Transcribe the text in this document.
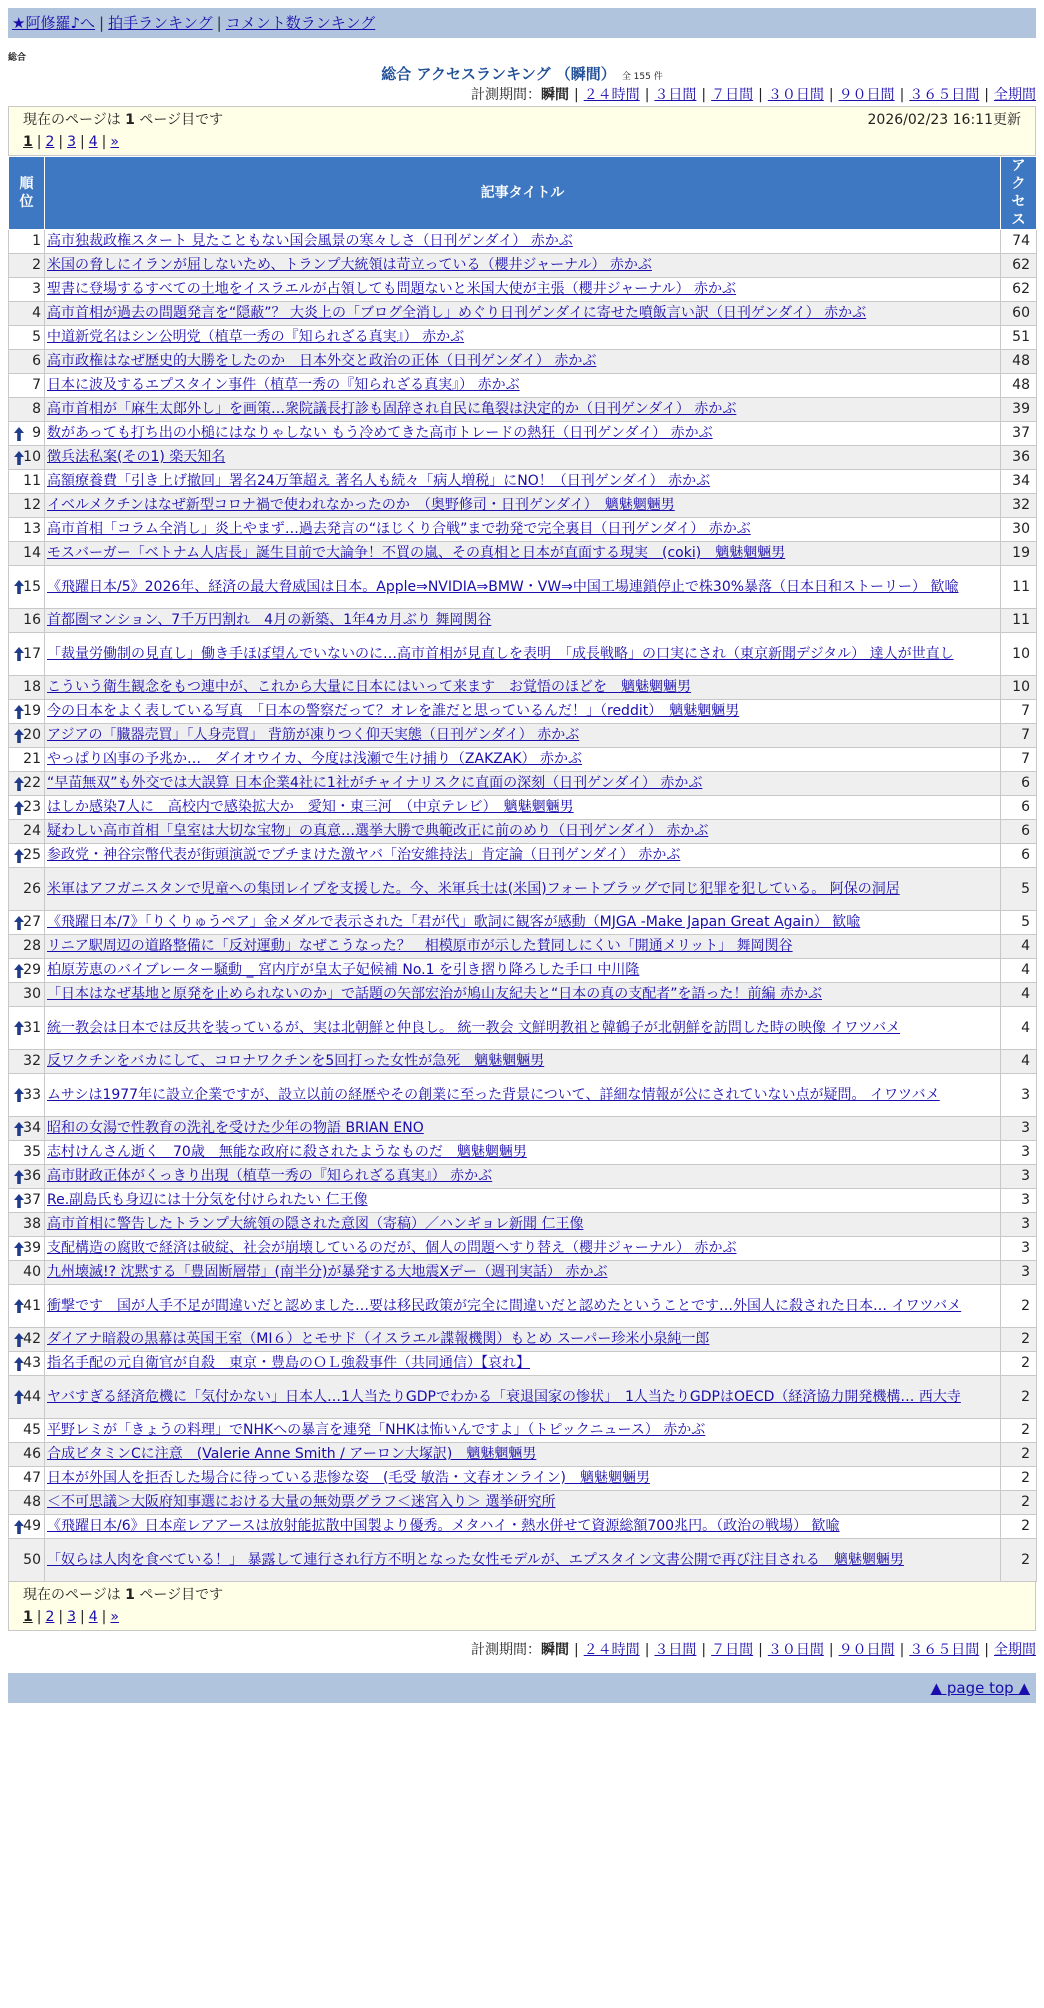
★阿修羅♪へ | 拍手ランキング | コメント数ランキング
総合
総合 アクセスランキング （瞬間） 全 155 件
計測期間：瞬間 | ２４時間 | ３日間 | ７日間 | ３０日間 | ９０日間 | ３６５日間 | 全期間
現在のページは 1 ページ目です	2026/02/23 16:11更新
1 | 2 | 3 | 4 | »
順位	記事タイトル	アクセス
1	高市独裁政権スタート 見たこともない国会風景の寒々しさ（日刊ゲンダイ） 赤かぶ	74
2	米国の脅しにイランが屈しないため、トランプ大統領は苛立っている（櫻井ジャーナル） 赤かぶ	62
3	聖書に登場するすべての土地をイスラエルが占領しても問題ないと米国大使が主張（櫻井ジャーナル） 赤かぶ	62
4	高市首相が過去の問題発言を“隠蔽”？ 大炎上の「ブログ全消し」めぐり日刊ゲンダイに寄せた噴飯言い訳（日刊ゲンダイ） 赤かぶ	60
5	中道新党名はシン公明党（植草一秀の『知られざる真実』） 赤かぶ	51
6	高市政権はなぜ歴史的大勝をしたのか　日本外交と政治の正体（日刊ゲンダイ） 赤かぶ	48
7	日本に波及するエプスタイン事件（植草一秀の『知られざる真実』） 赤かぶ	48
8	高市首相が「麻生太郎外し」を画策…衆院議長打診も固辞され自民に亀裂は決定的か（日刊ゲンダイ） 赤かぶ	39

9	数があっても打ち出の小槌にはなりゃしない もう冷めてきた高市トレードの熱狂（日刊ゲンダイ） 赤かぶ	37

10	徴兵法私案(その1) 楽天知名	36
11	高額療養費「引き上げ撤回」署名24万筆超え 著名人も続々「病人増税」にNO！（日刊ゲンダイ） 赤かぶ	34
12	イベルメクチンはなぜ新型コロナ禍で使われなかったのか　（奥野修司・日刊ゲンダイ）　魑魅魍魎男	32
13	高市首相「コラム全消し」炎上やまず…過去発言の“ほじくり合戦”まで勃発で完全裏目（日刊ゲンダイ） 赤かぶ	30
14	モスバーガー「ベトナム人店長」誕生目前で大論争！不買の嵐、その真相と日本が直面する現実　(coki)　魑魅魍魎男	19

15	《飛躍日本/5》2026年、経済の最大脅威国は日本。Apple⇒NVIDIA⇒BMW・VW⇒中国工場連鎖停止で株30%暴落（日本日和ストーリー） 歓喩	11
16	首都圏マンション、7千万円割れ　4月の新築、1年4カ月ぶり 舞岡関谷	11

17	「裁量労働制の見直し」働き手ほぼ望んでいないのに…高市首相が見直しを表明　「成長戦略」の口実にされ（東京新聞デジタル） 達人が世直し	10
18	こういう衛生観念をもつ連中が、これから大量に日本にはいって来ます　お覚悟のほどを　魑魅魍魎男	10

19	今の日本をよく表している写真　「日本の警察だって？オレを誰だと思っているんだ！」（reddit）　魑魅魍魎男	7

20	アジアの「臓器売買」「人身売買」 背筋が凍りつく仰天実態（日刊ゲンダイ） 赤かぶ	7
21	やっぱり凶事の予兆か…　ダイオウイカ、今度は浅瀬で生け捕り（ZAKZAK） 赤かぶ	7

22	“早苗無双”も外交では大誤算 日本企業4社に1社がチャイナリスクに直面の深刻（日刊ゲンダイ） 赤かぶ	6

23	はしか感染7人に　高校内で感染拡大か　愛知・東三河　（中京テレビ）　魑魅魍魎男	6
24	疑わしい高市首相「皇室は大切な宝物」の真意…選挙大勝で典範改正に前のめり（日刊ゲンダイ） 赤かぶ	6

25	参政党・神谷宗幣代表が街頭演説でブチまけた激ヤバ「治安維持法」肯定論（日刊ゲンダイ） 赤かぶ	6
26	米軍はアフガニスタンで児童への集団レイプを支援した。今、米軍兵士は(米国)フォートブラッグで同じ犯罪を犯している。 阿保の洞居	5

27	《飛躍日本/7》「りくりゅうペア」金メダルで表示された「君が代」歌詞に観客が感動（MJGA -Make Japan Great Again） 歓喩	5
28	リニア駅周辺の道路整備に「反対運動」なぜこうなった？　相模原市が示した賛同しにくい「開通メリット」 舞岡関谷	4

29	柏原芳恵のバイブレーター騒動 _ 宮内庁が皇太子妃候補 No.1 を引き摺り降ろした手口 中川隆	4
30	「日本はなぜ基地と原発を止められないのか」で話題の矢部宏治が鳩山友紀夫と“日本の真の支配者”を語った！前編 赤かぶ	4

31	統一教会は日本では反共を装っているが、実は北朝鮮と仲良し。 統一教会 文鮮明教祖と韓鶴子が北朝鮮を訪問した時の映像 イワツバメ	4
32	反ワクチンをバカにして、コロナワクチンを5回打った女性が急死　魑魅魍魎男	4

33	ムサシは1977年に設立企業ですが、設立以前の経歴やその創業に至った背景について、詳細な情報が公にされていない点が疑問。 イワツバメ	3

34	昭和の女湯で性教育の洗礼を受けた少年の物語 BRIAN ENO	3
35	志村けんさん逝く　70歳　無能な政府に殺されたようなものだ　魑魅魍魎男	3

36	高市財政正体がくっきり出現（植草一秀の『知られざる真実』） 赤かぶ	3

37	Re.副島氏も身辺には十分気を付けられたい 仁王像	3
38	高市首相に警告したトランプ大統領の隠された意図（寄稿）／ハンギョレ新聞 仁王像	3

39	支配構造の腐敗で経済は破綻、社会が崩壊しているのだが、個人の問題へすり替え（櫻井ジャーナル） 赤かぶ	3
40	九州壊滅!? 沈黙する「豊固断層帯」(南半分)が暴発する大地震Xデー（週刊実話） 赤かぶ	3

41	衝撃です　国が人手不足が間違いだと認めました…要は移民政策が完全に間違いだと認めたということです…外国人に殺された日本… イワツバメ	2

42	ダイアナ暗殺の黒幕は英国王室（MI６）とモサド（イスラエル諜報機関）もとめ スーパー珍米小泉純一郎	2

43	指名手配の元自衛官が自殺　東京・豊島のＯＬ強殺事件（共同通信）【哀れ】	2

44	ヤバすぎる経済危機に「気付かない」日本人…1人当たりGDPでわかる「衰退国家の惨状」　1人当たりGDPはOECD（経済協力開発機構… 西大寺	2
45	平野レミが「きょうの料理」でNHKへの暴言を連発「NHKは怖いんですよ」（トピックニュース） 赤かぶ	2
46	合成ビタミンCに注意　(Valerie Anne Smith / アーロン大塚訳)　魑魅魍魎男	2
47	日本が外国人を拒否した場合に待っている悲惨な姿　(毛受 敏浩・文春オンライン)　魑魅魍魎男	2
48	＜不可思議＞大阪府知事選における大量の無効票グラフ＜迷宮入り＞ 選挙研究所	2

49	《飛躍日本/6》日本産レアアースは放射能拡散中国製より優秀。メタハイ・熱水併せて資源総額700兆円。（政治の戦場） 歓喩	2
50	「奴らは人肉を食べている！」 暴露して連行され行方不明となった女性モデルが、エプスタイン文書公開で再び注目される　魑魅魍魎男	2
現在のページは 1 ページ目です
1 | 2 | 3 | 4 | »
計測期間：瞬間 | ２４時間 | ３日間 | ７日間 | ３０日間 | ９０日間 | ３６５日間 | 全期間
▲ page top ▲
